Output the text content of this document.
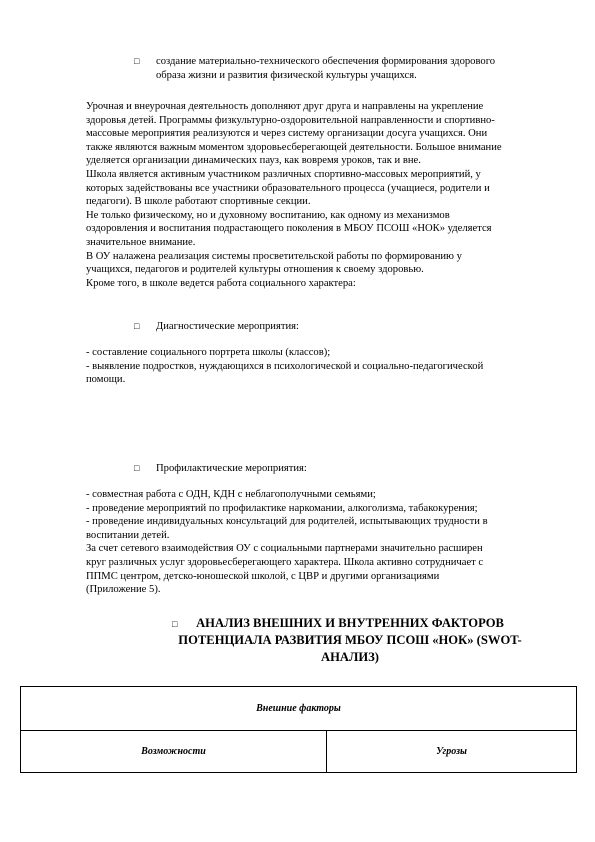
□	создание материально-технического обеспечения формирования здорового
образа жизни и развития физической культуры учащихся.

Урочная и внеурочная деятельность дополняют друг друга и направлены на укрепление

здоровья детей. Программы физкультурно-оздоровительной направленности и спортивно-

массовые мероприятия реализуются и через систему организации досуга учащихся. Они

также являются важным моментом здоровьесберегающей деятельности. Большое внимание

уделяется организации динамических пауз, как вовремя уроков, так и вне.

Школа является активным участником различных спортивно-массовых мероприятий, у

которых задействованы все участники образовательного процесса (учащиеся, родители и

педагоги). В школе работают спортивные секции.

Не только физическому, но и духовному воспитанию, как одному из механизмов

оздоровления и воспитания подрастающего поколения в МБОУ ПСОШ «НОК» уделяется

значительное внимание.

В ОУ налажена реализация системы просветительской работы по формированию у

учащихся, педагогов и родителей культуры отношения к своему здоровью.

Кроме того, в школе ведется работа социального характера:

□	Диагностические мероприятия:

- составление социального портрета школы (классов);

- выявление подростков, нуждающихся в психологической и социально-педагогической

помощи.

□	Профилактические мероприятия:

- совместная работа с ОДН, КДН с неблагополучными семьями;

- проведение мероприятий по профилактике наркомании, алкоголизма, табакокурения;

- проведение индивидуальных консультаций для родителей, испытывающих трудности в

воспитании детей.

За счет сетевого взаимодействия ОУ с социальными партнерами значительно расширен

круг различных услуг здоровьесберегающего характера. Школа активно сотрудничает с

ППМС центром, детско-юношеской школой, с ЦВР и другими организациями

(Приложение 5).

□	АНАЛИЗ ВНЕШНИХ И ВНУТРЕННИХ ФАКТОРОВ
ПОТЕНЦИАЛА РАЗВИТИЯ МБОУ ПСОШ «НОК» (SWOT-
АНАЛИЗ)
Внешние факторы
Возможности	Угрозы
